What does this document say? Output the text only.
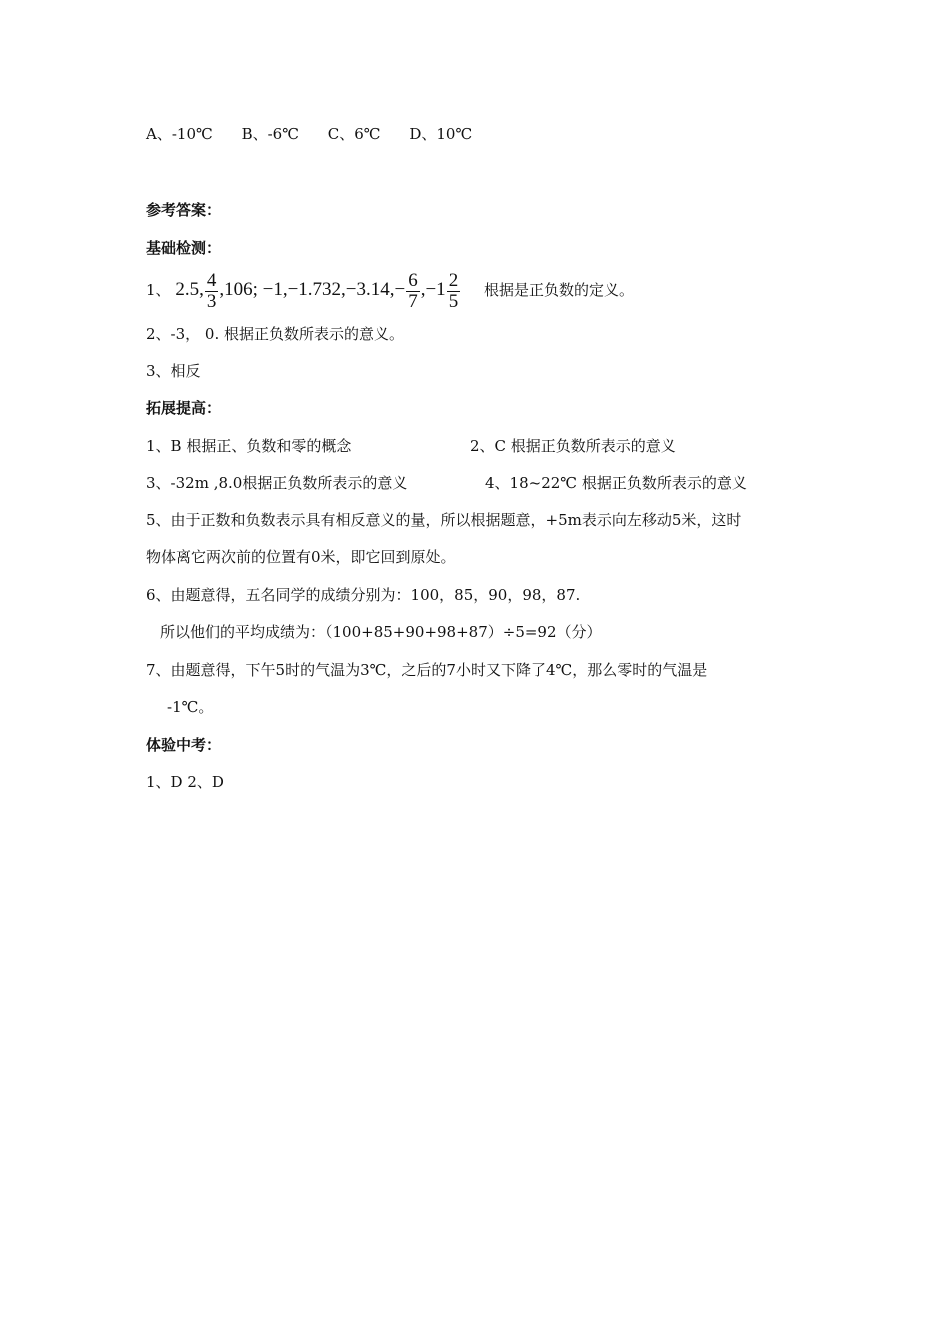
A、-10℃ B、-6℃ C、6℃ D、10℃
参考答案：
基础检测：
1、 2.5, $\frac{4}{3} ,106$; $-1,-1.732,-3.14,- \frac{6}{7} ,-1 \frac{2}{5}$ 根据是正负数的定义。
2、-3， 0. 根据正负数所表示的意义。
3、相反
拓展提高：
1、B 根据正、负数和零的概念	2、C 根据正负数所表示的意义
3、-32m ,8.0根据正负数所表示的意义	4、18~22℃ 根据正负数所表示的意义
5、由于正数和负数表示具有相反意义的量，所以根据题意，+5m表示向左移动5米，这时
物体离它两次前的位置有0米，即它回到原处。
6、由题意得，五名同学的成绩分别为：100，85，90，98，87.
所以他们的平均成绩为：（100+85+90+98+87）÷5=92（分）
7、由题意得，下午5时的气温为3℃，之后的7小时又下降了4℃，那么零时的气温是
-1℃。
体验中考：
1、D 2、D
